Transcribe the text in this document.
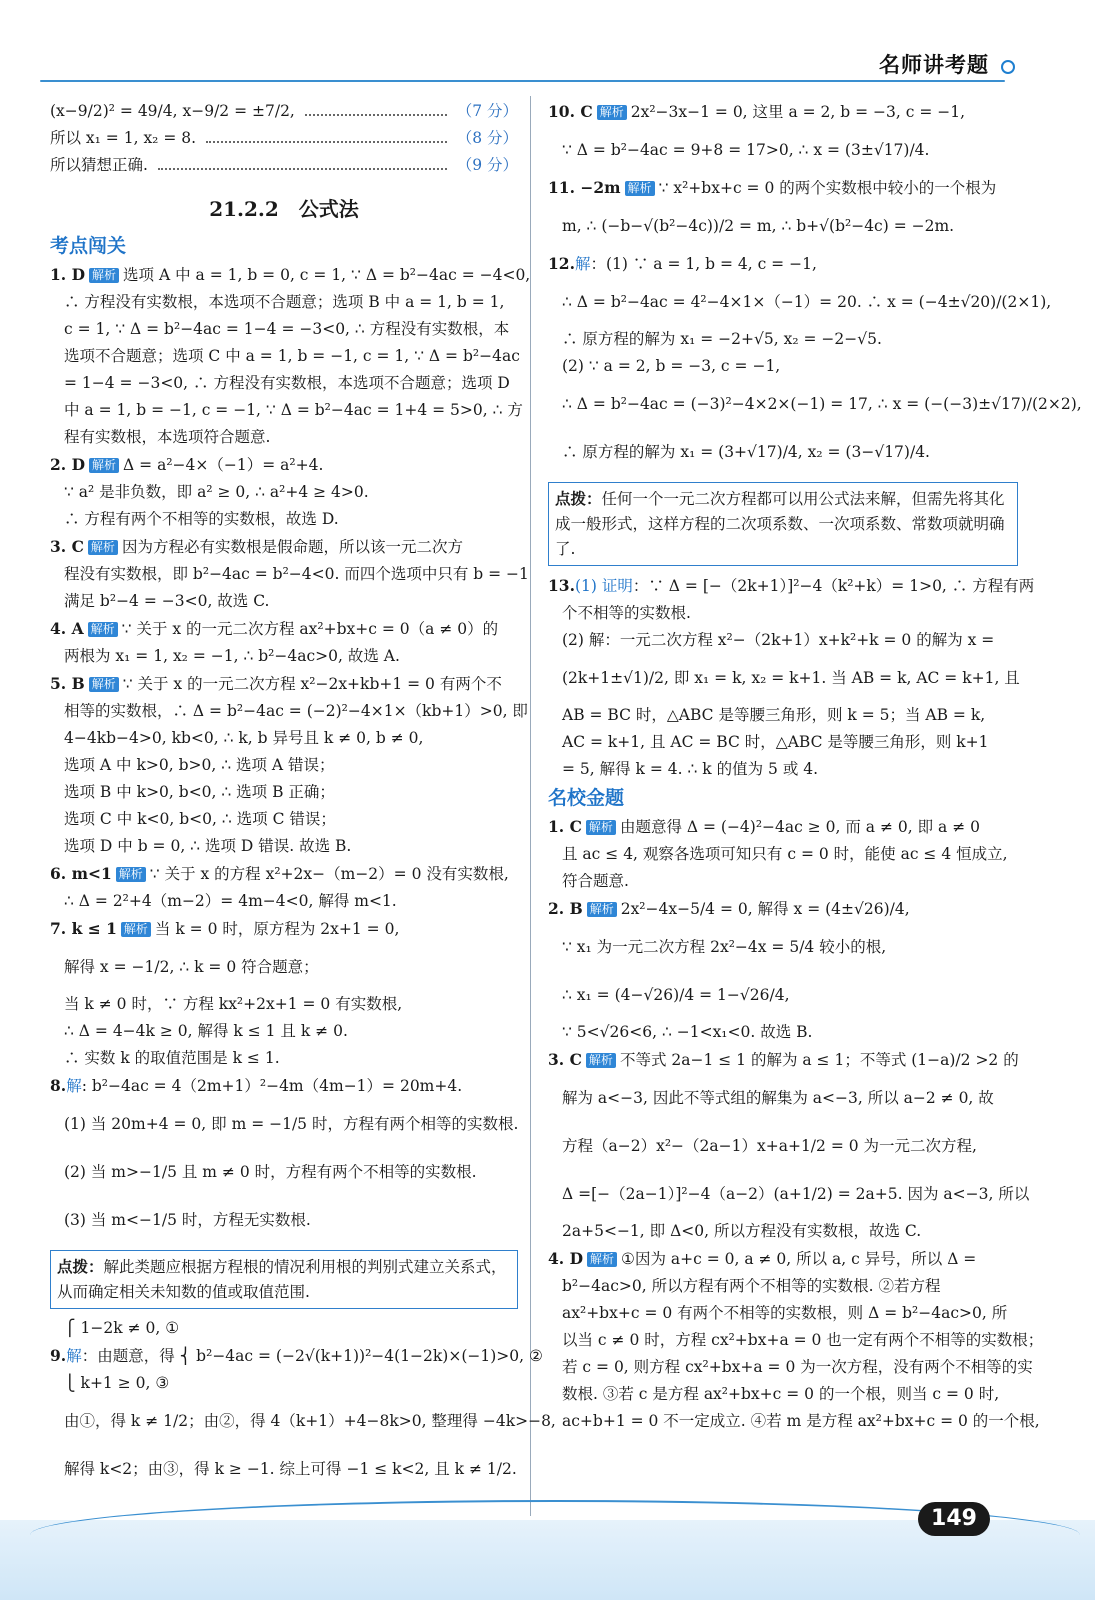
名师讲考题
(x−9/2)² = 49/4, x−9/2 = ±7/2,	（7 分）
所以 x₁ = 1, x₂ = 8.	（8 分）
所以猜想正确.	（9 分）
21.2.2　公式法
考点闯关
1. D 解析 选项 A 中 a = 1, b = 0, c = 1, ∵ Δ = b²−4ac = −4<0,
∴ 方程没有实数根，本选项不合题意；选项 B 中 a = 1, b = 1,
c = 1, ∵ Δ = b²−4ac = 1−4 = −3<0, ∴ 方程没有实数根，本
选项不合题意；选项 C 中 a = 1, b = −1, c = 1, ∵ Δ = b²−4ac
= 1−4 = −3<0, ∴ 方程没有实数根，本选项不合题意；选项 D
中 a = 1, b = −1, c = −1, ∵ Δ = b²−4ac = 1+4 = 5>0, ∴ 方
程有实数根，本选项符合题意.
2. D 解析 Δ = a²−4×（−1）= a²+4.
∵ a² 是非负数，即 a² ≥ 0, ∴ a²+4 ≥ 4>0.
∴ 方程有两个不相等的实数根，故选 D.
3. C 解析 因为方程必有实数根是假命题，所以该一元二次方
程没有实数根，即 b²−4ac = b²−4<0. 而四个选项中只有 b = −1
满足 b²−4 = −3<0, 故选 C.
4. A 解析 ∵ 关于 x 的一元二次方程 ax²+bx+c = 0（a ≠ 0）的
两根为 x₁ = 1, x₂ = −1, ∴ b²−4ac>0, 故选 A.
5. B 解析 ∵ 关于 x 的一元二次方程 x²−2x+kb+1 = 0 有两个不
相等的实数根，∴ Δ = b²−4ac = (−2)²−4×1×（kb+1）>0, 即
4−4kb−4>0, kb<0, ∴ k, b 异号且 k ≠ 0, b ≠ 0,
选项 A 中 k>0, b>0, ∴ 选项 A 错误；
选项 B 中 k>0, b<0, ∴ 选项 B 正确；
选项 C 中 k<0, b<0, ∴ 选项 C 错误；
选项 D 中 b = 0, ∴ 选项 D 错误. 故选 B.
6. m<1 解析 ∵ 关于 x 的方程 x²+2x−（m−2）= 0 没有实数根,
∴ Δ = 2²+4（m−2）= 4m−4<0, 解得 m<1.
7. k ≤ 1 解析 当 k = 0 时，原方程为 2x+1 = 0,
解得 x = −1/2, ∴ k = 0 符合题意；
当 k ≠ 0 时，∵ 方程 kx²+2x+1 = 0 有实数根,
∴ Δ = 4−4k ≥ 0, 解得 k ≤ 1 且 k ≠ 0.
∴ 实数 k 的取值范围是 k ≤ 1.
8.解: b²−4ac = 4（2m+1）²−4m（4m−1）= 20m+4.
(1) 当 20m+4 = 0, 即 m = −1/5 时，方程有两个相等的实数根.
(2) 当 m>−1/5 且 m ≠ 0 时，方程有两个不相等的实数根.
(3) 当 m<−1/5 时，方程无实数根.
点拨：解此类题应根据方程根的情况利用根的判别式建立关系式，从而确定相关未知数的值或取值范围.
⎧ 1−2k ≠ 0, ①
9.解：由题意，得 ⎨ b²−4ac = (−2√(k+1))²−4(1−2k)×(−1)>0, ②
⎩ k+1 ≥ 0, ③
由①，得 k ≠ 1/2；由②，得 4（k+1）+4−8k>0, 整理得 −4k>−8,
解得 k<2；由③，得 k ≥ −1. 综上可得 −1 ≤ k<2, 且 k ≠ 1/2.
10. C 解析 2x²−3x−1 = 0, 这里 a = 2, b = −3, c = −1,
∵ Δ = b²−4ac = 9+8 = 17>0, ∴ x = (3±√17)/4.
11. −2m 解析 ∵ x²+bx+c = 0 的两个实数根中较小的一个根为
m, ∴ (−b−√(b²−4c))/2 = m, ∴ b+√(b²−4c) = −2m.
12.解：(1) ∵ a = 1, b = 4, c = −1,
∴ Δ = b²−4ac = 4²−4×1×（−1）= 20. ∴ x = (−4±√20)/(2×1),
∴ 原方程的解为 x₁ = −2+√5, x₂ = −2−√5.
(2) ∵ a = 2, b = −3, c = −1,
∴ Δ = b²−4ac = (−3)²−4×2×(−1) = 17, ∴ x = (−(−3)±√17)/(2×2),
∴ 原方程的解为 x₁ = (3+√17)/4, x₂ = (3−√17)/4.
点拨：任何一个一元二次方程都可以用公式法来解，但需先将其化成一般形式，这样方程的二次项系数、一次项系数、常数项就明确了.
13.(1) 证明：∵ Δ = [−（2k+1）]²−4（k²+k）= 1>0, ∴ 方程有两
个不相等的实数根.
(2) 解：一元二次方程 x²−（2k+1）x+k²+k = 0 的解为 x =
(2k+1±√1)/2, 即 x₁ = k, x₂ = k+1. 当 AB = k, AC = k+1, 且
AB = BC 时，△ABC 是等腰三角形，则 k = 5；当 AB = k,
AC = k+1, 且 AC = BC 时，△ABC 是等腰三角形，则 k+1
= 5, 解得 k = 4. ∴ k 的值为 5 或 4.
名校金题
1. C 解析 由题意得 Δ = (−4)²−4ac ≥ 0, 而 a ≠ 0, 即 a ≠ 0
且 ac ≤ 4, 观察各选项可知只有 c = 0 时，能使 ac ≤ 4 恒成立,
符合题意.
2. B 解析 2x²−4x−5/4 = 0, 解得 x = (4±√26)/4,
∵ x₁ 为一元二次方程 2x²−4x = 5/4 较小的根,
∴ x₁ = (4−√26)/4 = 1−√26/4,
∵ 5<√26<6, ∴ −1<x₁<0. 故选 B.
3. C 解析 不等式 2a−1 ≤ 1 的解为 a ≤ 1；不等式 (1−a)/2 >2 的
解为 a<−3, 因此不等式组的解集为 a<−3, 所以 a−2 ≠ 0, 故
方程（a−2）x²−（2a−1）x+a+1/2 = 0 为一元二次方程,
Δ =[−（2a−1）]²−4（a−2）(a+1/2) = 2a+5. 因为 a<−3, 所以
2a+5<−1, 即 Δ<0, 所以方程没有实数根，故选 C.
4. D 解析 ①因为 a+c = 0, a ≠ 0, 所以 a, c 异号，所以 Δ =
b²−4ac>0, 所以方程有两个不相等的实数根. ②若方程
ax²+bx+c = 0 有两个不相等的实数根，则 Δ = b²−4ac>0, 所
以当 c ≠ 0 时，方程 cx²+bx+a = 0 也一定有两个不相等的实数根；
若 c = 0, 则方程 cx²+bx+a = 0 为一次方程，没有两个不相等的实
数根. ③若 c 是方程 ax²+bx+c = 0 的一个根，则当 c = 0 时,
ac+b+1 = 0 不一定成立. ④若 m 是方程 ax²+bx+c = 0 的一个根,
149
